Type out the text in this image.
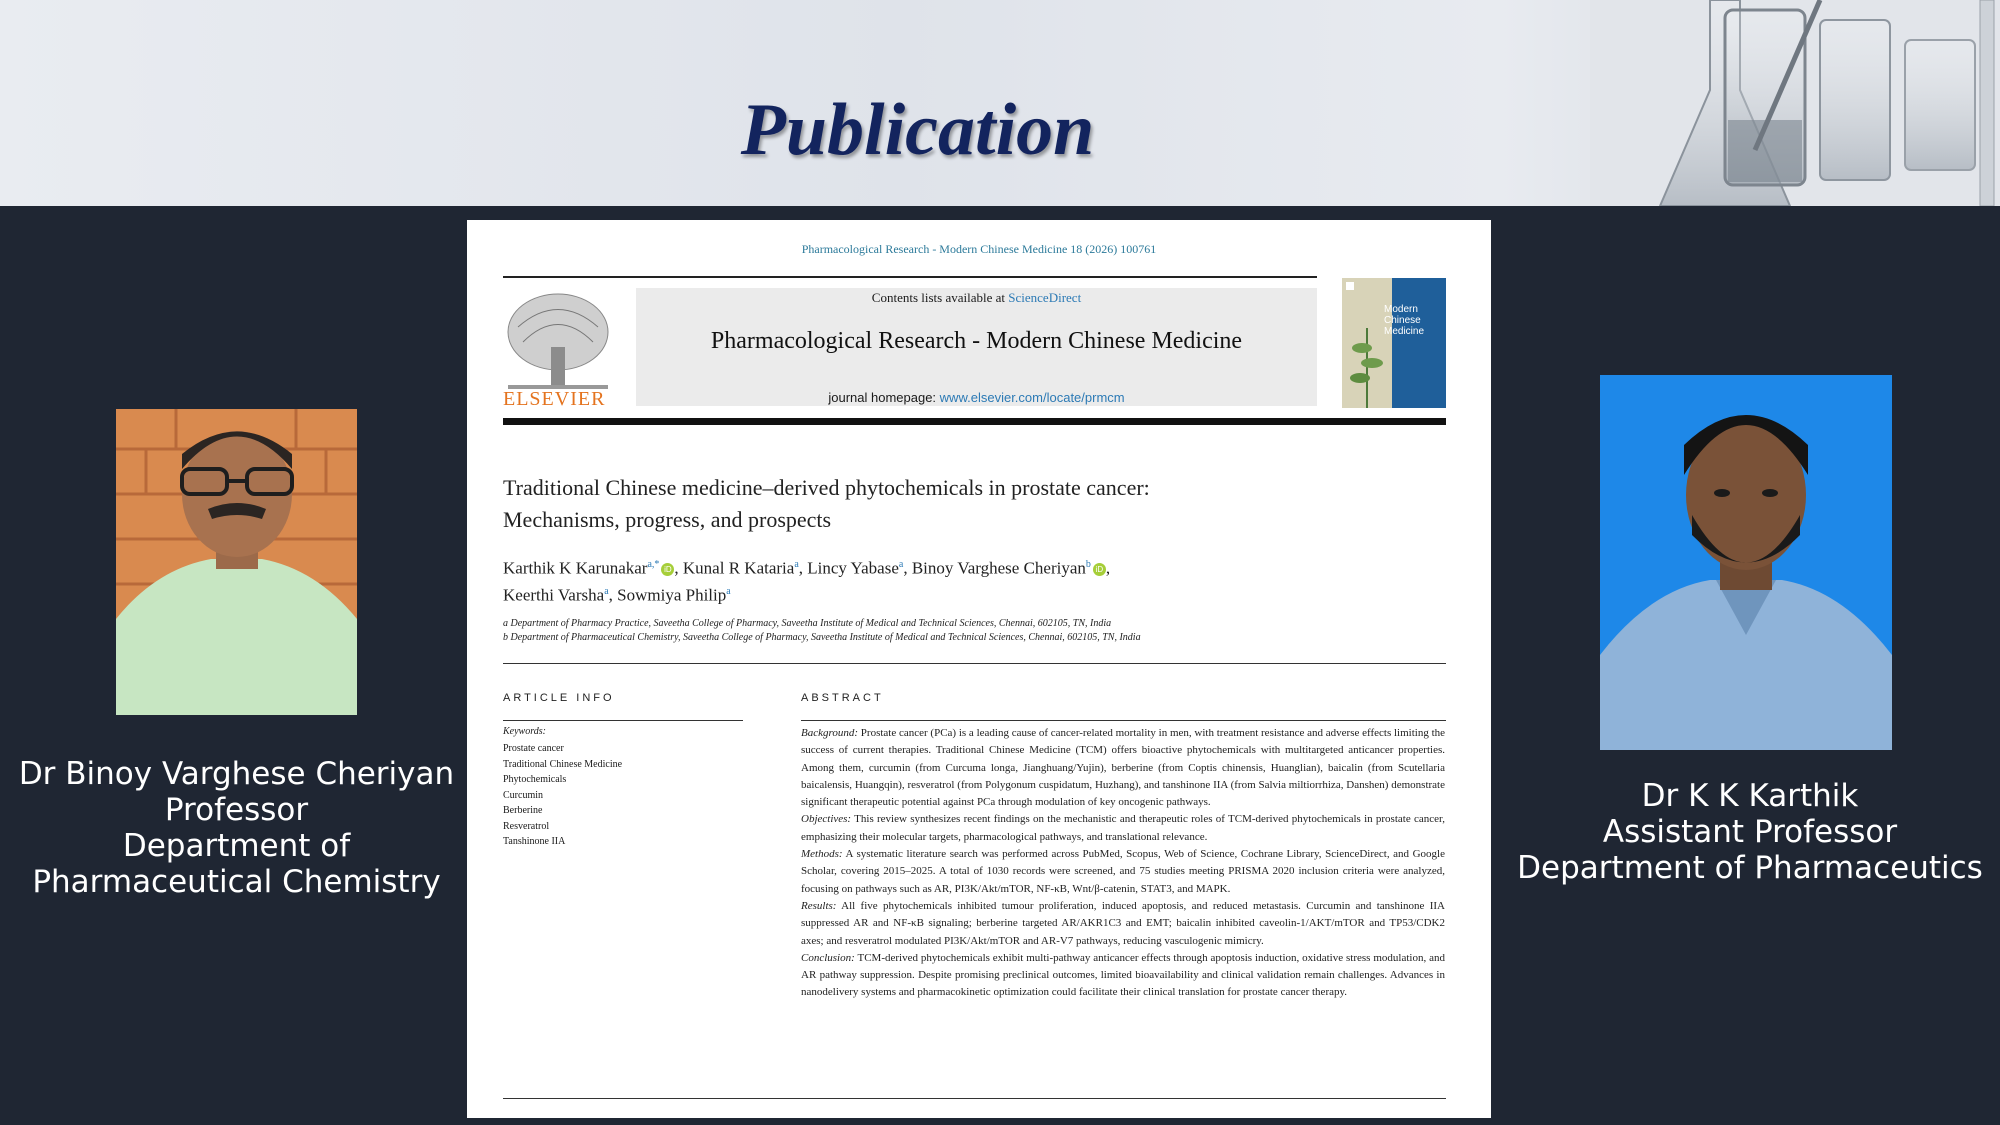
Publication
Pharmacological Research - Modern Chinese Medicine 18 (2026) 100761
ELSEVIER
Contents lists available at ScienceDirect
Pharmacological Research - Modern Chinese Medicine
journal homepage: www.elsevier.com/locate/prmcm
Modern Chinese Medicine
Traditional Chinese medicine–derived phytochemicals in prostate cancer:
Mechanisms, progress, and prospects
Karthik K Karunakar$^{a,*}$ iD , Kunal R Kataria$^a$, Lincy Yabase$^a$, Binoy Varghese Cheriyan$^b$ iD ,
Keerthi Varsha$^a$, Sowmiya Philip$^a$
a Department of Pharmacy Practice, Saveetha College of Pharmacy, Saveetha Institute of Medical and Technical Sciences, Chennai, 602105, TN, India
b Department of Pharmaceutical Chemistry, Saveetha College of Pharmacy, Saveetha Institute of Medical and Technical Sciences, Chennai, 602105, TN, India
ARTICLE INFO
Keywords:
Prostate cancer
Traditional Chinese Medicine
Phytochemicals
Curcumin
Berberine
Resveratrol
Tanshinone IIA
ABSTRACT

Background: Prostate cancer (PCa) is a leading cause of cancer-related mortality in men, with treatment resistance and adverse effects limiting the success of current therapies. Traditional Chinese Medicine (TCM) offers bioactive phytochemicals with multitargeted anticancer properties. Among them, curcumin (from Curcuma longa, Jianghuang/Yujin), berberine (from Coptis chinensis, Huanglian), baicalin (from Scutellaria baicalensis, Huangqin), resveratrol (from Polygonum cuspidatum, Huzhang), and tanshinone IIA (from Salvia miltiorrhiza, Danshen) demonstrate significant therapeutic potential against PCa through modulation of key oncogenic pathways.

Objectives: This review synthesizes recent findings on the mechanistic and therapeutic roles of TCM-derived phytochemicals in prostate cancer, emphasizing their molecular targets, pharmacological pathways, and translational relevance.

Methods: A systematic literature search was performed across PubMed, Scopus, Web of Science, Cochrane Library, ScienceDirect, and Google Scholar, covering 2015–2025. A total of 1030 records were screened, and 75 studies meeting PRISMA 2020 inclusion criteria were analyzed, focusing on pathways such as AR, PI3K/Akt/mTOR, NF-κB, Wnt/β-catenin, STAT3, and MAPK.

Results: All five phytochemicals inhibited tumour proliferation, induced apoptosis, and reduced metastasis. Curcumin and tanshinone IIA suppressed AR and NF-κB signaling; berberine targeted AR/AKR1C3 and EMT; baicalin inhibited caveolin-1/AKT/mTOR and TP53/CDK2 axes; and resveratrol modulated PI3K/Akt/mTOR and AR-V7 pathways, reducing vasculogenic mimicry.

Conclusion: TCM-derived phytochemicals exhibit multi-pathway anticancer effects through apoptosis induction, oxidative stress modulation, and AR pathway suppression. Despite promising preclinical outcomes, limited bioavailability and clinical validation remain challenges. Advances in nanodelivery systems and pharmacokinetic optimization could facilitate their clinical translation for prostate cancer therapy.

Dr Binoy Varghese Cheriyan
Professor
Department of
Pharmaceutical Chemistry
Dr K K Karthik
Assistant Professor
Department of Pharmaceutics
